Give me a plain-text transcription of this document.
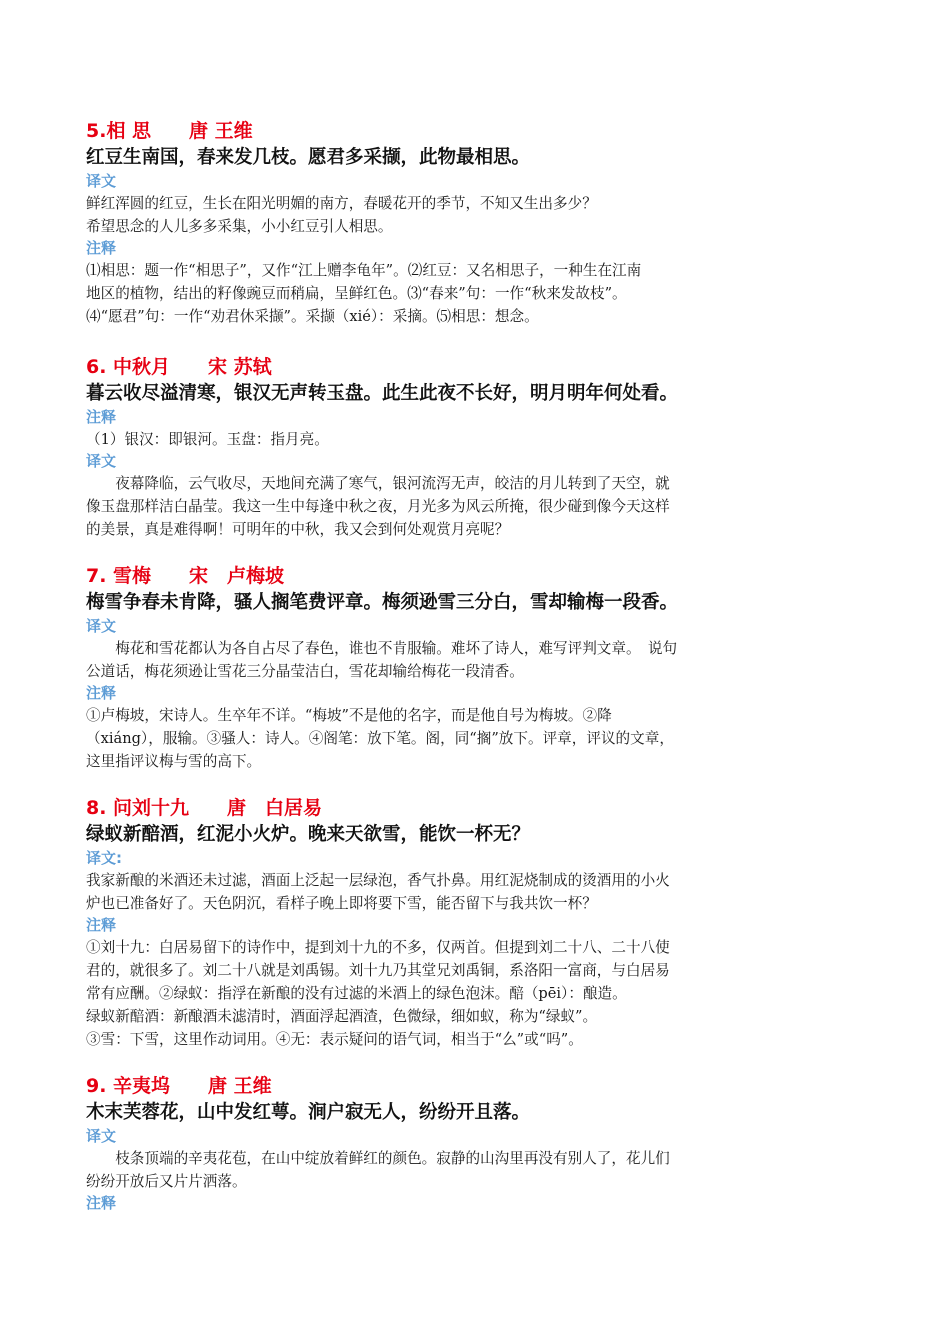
5.相 思　　唐 王维
红豆生南国，春来发几枝。愿君多采撷，此物最相思。
译文
鲜红浑圆的红豆，生长在阳光明媚的南方，春暖花开的季节，不知又生出多少？
希望思念的人儿多多采集，小小红豆引人相思。
注释
⑴相思：题一作“相思子”，又作“江上赠李龟年”。⑵红豆：又名相思子，一种生在江南
地区的植物，结出的籽像豌豆而稍扁，呈鲜红色。⑶“春来”句：一作“秋来发故枝”。
⑷“愿君”句：一作“劝君休采撷”。采撷（xié）：采摘。⑸相思：想念。
6. 中秋月　　宋 苏轼
暮云收尽溢清寒，银汉无声转玉盘。此生此夜不长好，明月明年何处看。
注释
（1）银汉：即银河。玉盘：指月亮。
译文
夜幕降临，云气收尽，天地间充满了寒气，银河流泻无声，皎洁的月儿转到了天空，就
像玉盘那样洁白晶莹。我这一生中每逢中秋之夜，月光多为风云所掩，很少碰到像今天这样
的美景，真是难得啊！可明年的中秋，我又会到何处观赏月亮呢？
7. 雪梅　　宋　卢梅坡
梅雪争春未肯降，骚人搁笔费评章。梅须逊雪三分白，雪却输梅一段香。
译文
梅花和雪花都认为各自占尽了春色，谁也不肯服输。难坏了诗人，难写评判文章。　说句
公道话，梅花须逊让雪花三分晶莹洁白，雪花却输给梅花一段清香。
注释
①卢梅坡，宋诗人。生卒年不详。“梅坡”不是他的名字，而是他自号为梅坡。②降
（xiáng），服输。③骚人：诗人。④阁笔：放下笔。阁，同“搁”放下。评章，评议的文章，
这里指评议梅与雪的高下。
8. 问刘十九　　唐　白居易
绿蚁新醅酒，红泥小火炉。晚来天欲雪，能饮一杯无？
译文:
我家新酿的米酒还未过滤，酒面上泛起一层绿泡，香气扑鼻。用红泥烧制成的烫酒用的小火
炉也已准备好了。天色阴沉，看样子晚上即将要下雪，能否留下与我共饮一杯？
注释
①刘十九：白居易留下的诗作中，提到刘十九的不多，仅两首。但提到刘二十八、二十八使
君的，就很多了。刘二十八就是刘禹锡。刘十九乃其堂兄刘禹铜，系洛阳一富商，与白居易
常有应酬。②绿蚁：指浮在新酿的没有过滤的米酒上的绿色泡沫。醅（pēi）：酿造。
绿蚁新醅酒：新酿酒未滤清时，酒面浮起酒渣，色微绿，细如蚁，称为“绿蚁”。
③雪：下雪，这里作动词用。④无：表示疑问的语气词，相当于“么”或“吗”。
9. 辛夷坞　　唐 王维
木末芙蓉花，山中发红萼。涧户寂无人，纷纷开且落。
译文
枝条顶端的辛夷花苞，在山中绽放着鲜红的颜色。寂静的山沟里再没有别人了，花儿们
纷纷开放后又片片洒落。
注释
